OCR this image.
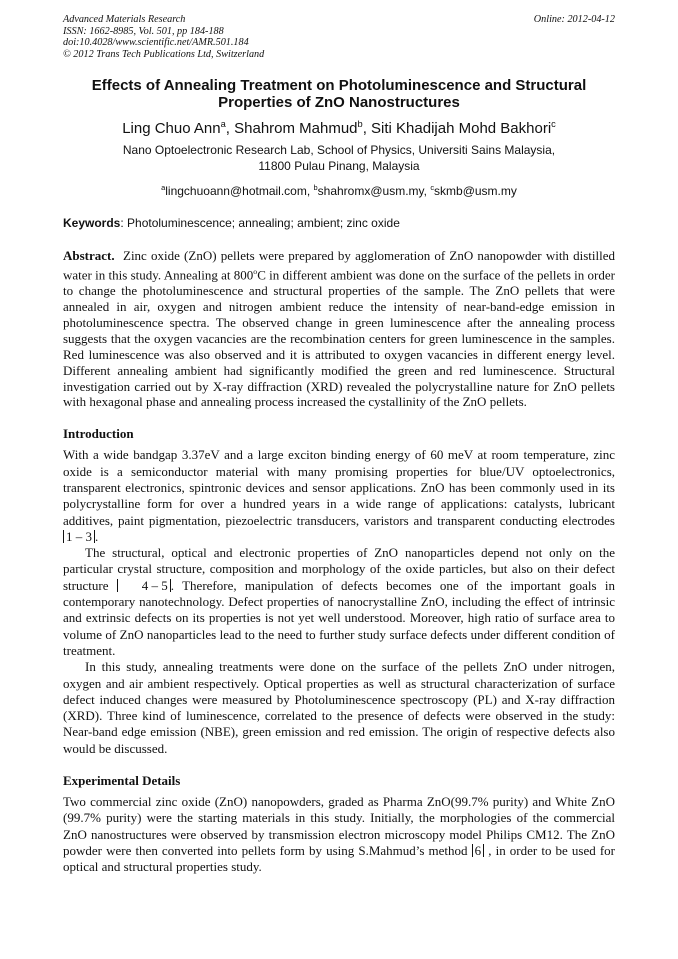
Advanced Materials Research
ISSN: 1662-8985, Vol. 501, pp 184-188
doi:10.4028/www.scientific.net/AMR.501.184
© 2012 Trans Tech Publications Ltd, Switzerland
Online: 2012-04-12
Effects of Annealing Treatment on Photoluminescence and Structural Properties of ZnO Nanostructures
Ling Chuo Ann$^a$, Shahrom Mahmud$^b$, Siti Khadijah Mohd Bakhori$^c$
Nano Optoelectronic Research Lab, School of Physics, Universiti Sains Malaysia,
11800 Pulau Pinang, Malaysia
$^a$lingchuoann@hotmail.com, $^b$shahromx@usm.my, $^c$skmb@usm.my
Keywords: Photoluminescence; annealing; ambient; zinc oxide

Abstract. Zinc oxide (ZnO) pellets were prepared by agglomeration of ZnO nanopowder with distilled water in this study. Annealing at 800$^o$C in different ambient was done on the surface of the pellets in order to change the photoluminescence and structural properties of the sample. The ZnO pellets that were annealed in air, oxygen and nitrogen ambient reduce the intensity of near-band-edge emission in photoluminescence spectra. The observed change in green luminescence after the annealing process suggests that the oxygen vacancies are the recombination centers for green luminescence in the samples. Red luminescence was also observed and it is attributed to oxygen vacancies in different energy level. Different annealing ambient had significantly modified the green and red luminescence. Structural investigation carried out by X-ray diffraction (XRD) revealed the polycrystalline nature for ZnO pellets with hexagonal phase and annealing process increased the cystallinity of the ZnO pellets.

Introduction

With a wide bandgap 3.37eV and a large exciton binding energy of 60 meV at room temperature, zinc oxide is a semiconductor material with many promising properties for blue/UV optoelectronics, transparent electronics, spintronic devices and sensor applications. ZnO has been commonly used in its polycrystalline form for over a hundred years in a wide range of applications: catalysts, lubricant additives, paint pigmentation, piezoelectric transducers, varistors and transparent conducting electrodes 1 – 3 .

The structural, optical and electronic properties of ZnO nanoparticles depend not only on the particular crystal structure, composition and morphology of the oxide particles, but also on their defect structure	4 – 5 . Therefore, manipulation of defects becomes one of the important goals in contemporary nanotechnology. Defect properties of nanocrystalline ZnO, including the effect of intrinsic and extrinsic defects on its properties is not yet well understood. Moreover, high ratio of surface area to volume of ZnO nanoparticles lead to the need to further study surface defects under different condition of treatment.

In this study, annealing treatments were done on the surface of the pellets ZnO under nitrogen, oxygen and air ambient respectively. Optical properties as well as structural characterization of surface defect induced changes were measured by Photoluminescence spectroscopy (PL) and X-ray diffraction (XRD). Three kind of luminescence, correlated to the presence of defects were observed in the study: Near-band edge emission (NBE), green emission and red emission. The origin of respective defects also would be discussed.

Experimental Details

Two commercial zinc oxide (ZnO) nanopowders, graded as Pharma ZnO(99.7% purity) and White ZnO (99.7% purity) were the starting materials in this study. Initially, the morphologies of the commercial ZnO nanostructures were observed by transmission electron microscopy model Philips CM12. The ZnO powder were then converted into pellets form by using S.Mahmud’s method 6 , in order to be used for optical and structural properties study.
